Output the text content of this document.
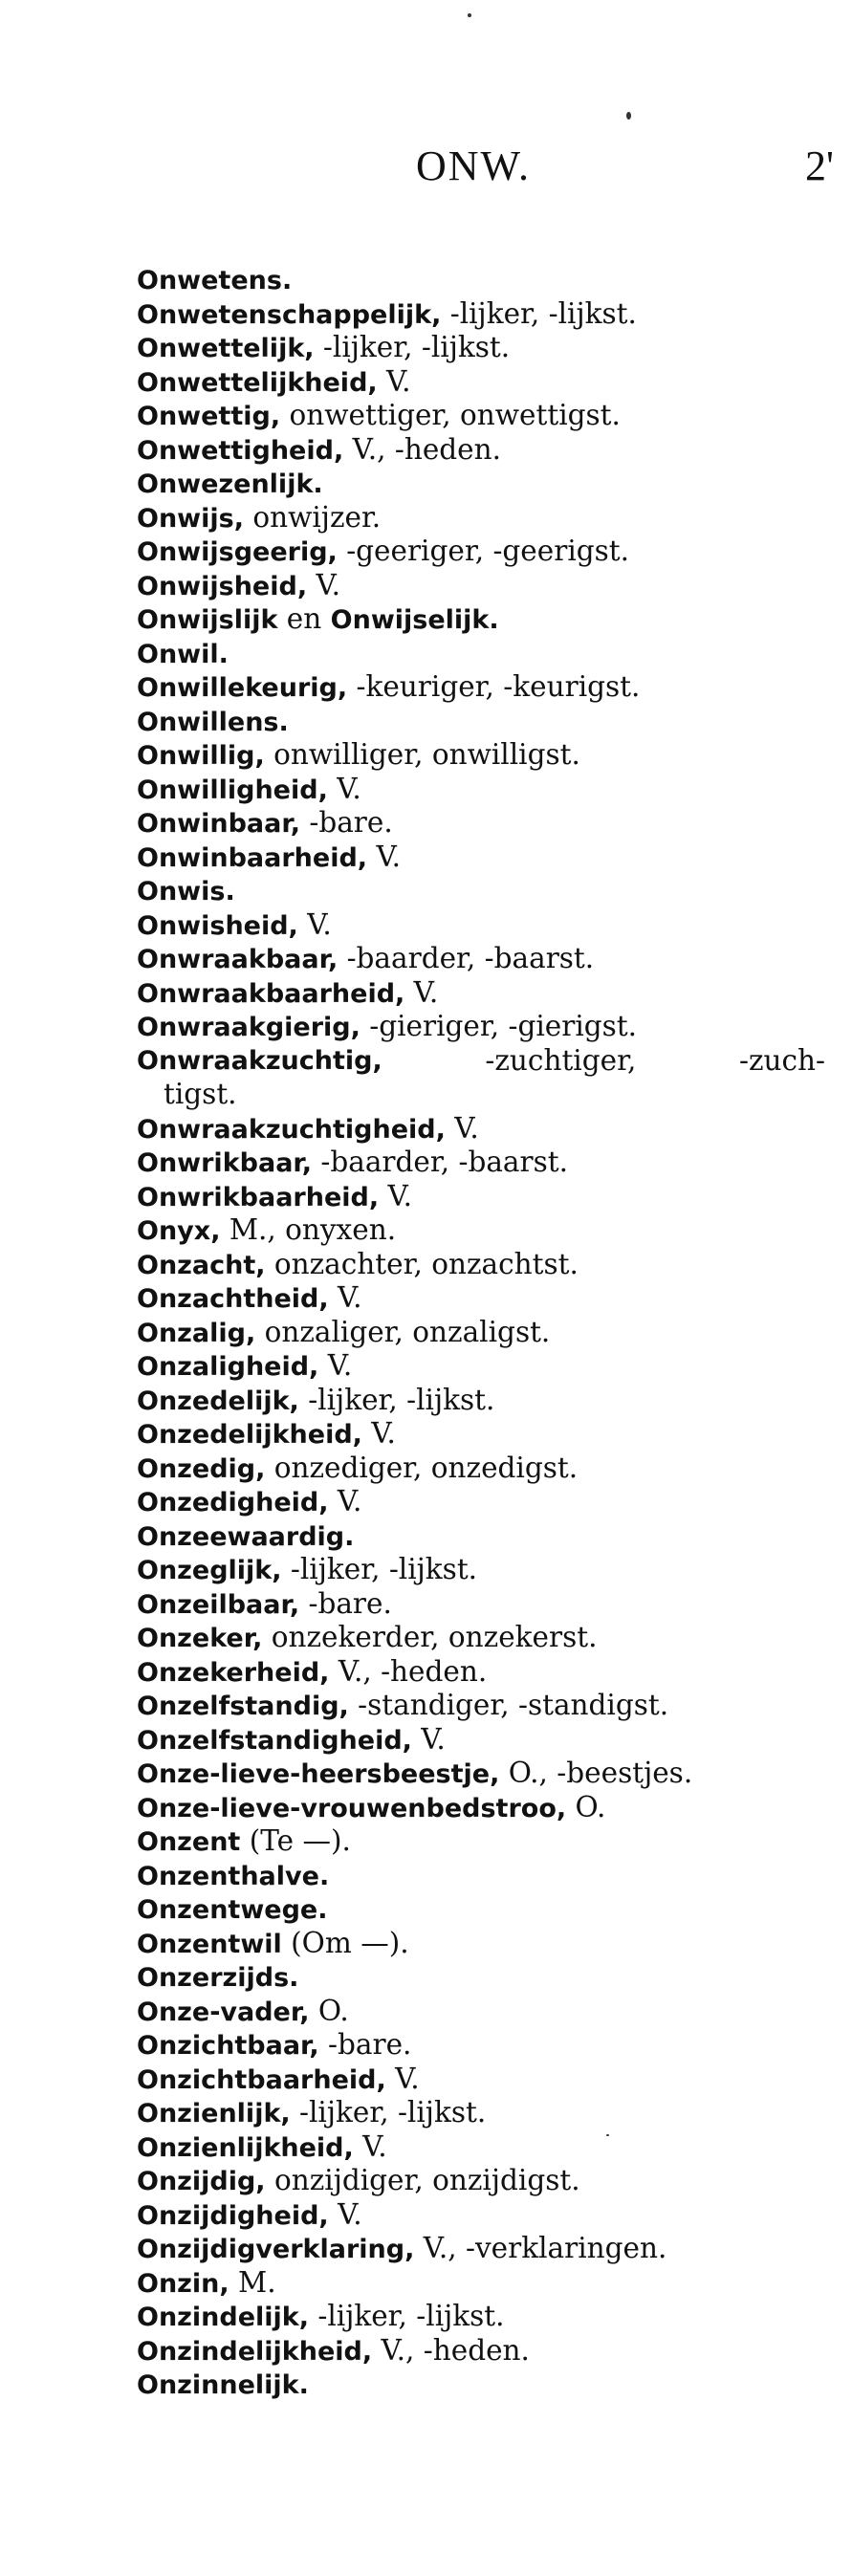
ONW.	2'
Onwetens.
Onwetenschappelijk, -lijker, -lijkst.
Onwettelijk, -lijker, -lijkst.
Onwettelijkheid, V.
Onwettig, onwettiger, onwettigst.
Onwettigheid, V., -heden.
Onwezenlijk.
Onwijs, onwijzer.
Onwijsgeerig, -geeriger, -geerigst.
Onwijsheid, V.
Onwijslijk en Onwijselijk.
Onwil.
Onwillekeurig, -keuriger, -keurigst.
Onwillens.
Onwillig, onwilliger, onwilligst.
Onwilligheid, V.
Onwinbaar, -bare.
Onwinbaarheid, V.
Onwis.
Onwisheid, V.
Onwraakbaar, -baarder, -baarst.
Onwraakbaarheid, V.
Onwraakgierig, -gieriger, -gierigst.
Onwraakzuchtig,	-zuchtiger,	-zuch-
tigst.
Onwraakzuchtigheid, V.
Onwrikbaar, -baarder, -baarst.
Onwrikbaarheid, V.
Onyx, M., onyxen.
Onzacht, onzachter, onzachtst.
Onzachtheid, V.
Onzalig, onzaliger, onzaligst.
Onzaligheid, V.
Onzedelijk, -lijker, -lijkst.
Onzedelijkheid, V.
Onzedig, onzediger, onzedigst.
Onzedigheid, V.
Onzeewaardig.
Onzeglijk, -lijker, -lijkst.
Onzeilbaar, -bare.
Onzeker, onzekerder, onzekerst.
Onzekerheid, V., -heden.
Onzelfstandig, -standiger, -standigst.
Onzelfstandigheid, V.
Onze-lieve-heersbeestje, O., -beestjes.
Onze-lieve-vrouwenbedstroo, O.
Onzent (Te —).
Onzenthalve.
Onzentwege.
Onzentwil (Om —).
Onzerzijds.
Onze-vader, O.
Onzichtbaar, -bare.
Onzichtbaarheid, V.
Onzienlijk, -lijker, -lijkst.
Onzienlijkheid, V.
Onzijdig, onzijdiger, onzijdigst.
Onzijdigheid, V.
Onzijdigverklaring, V., -verklaringen.
Onzin, M.
Onzindelijk, -lijker, -lijkst.
Onzindelijkheid, V., -heden.
Onzinnelijk.
